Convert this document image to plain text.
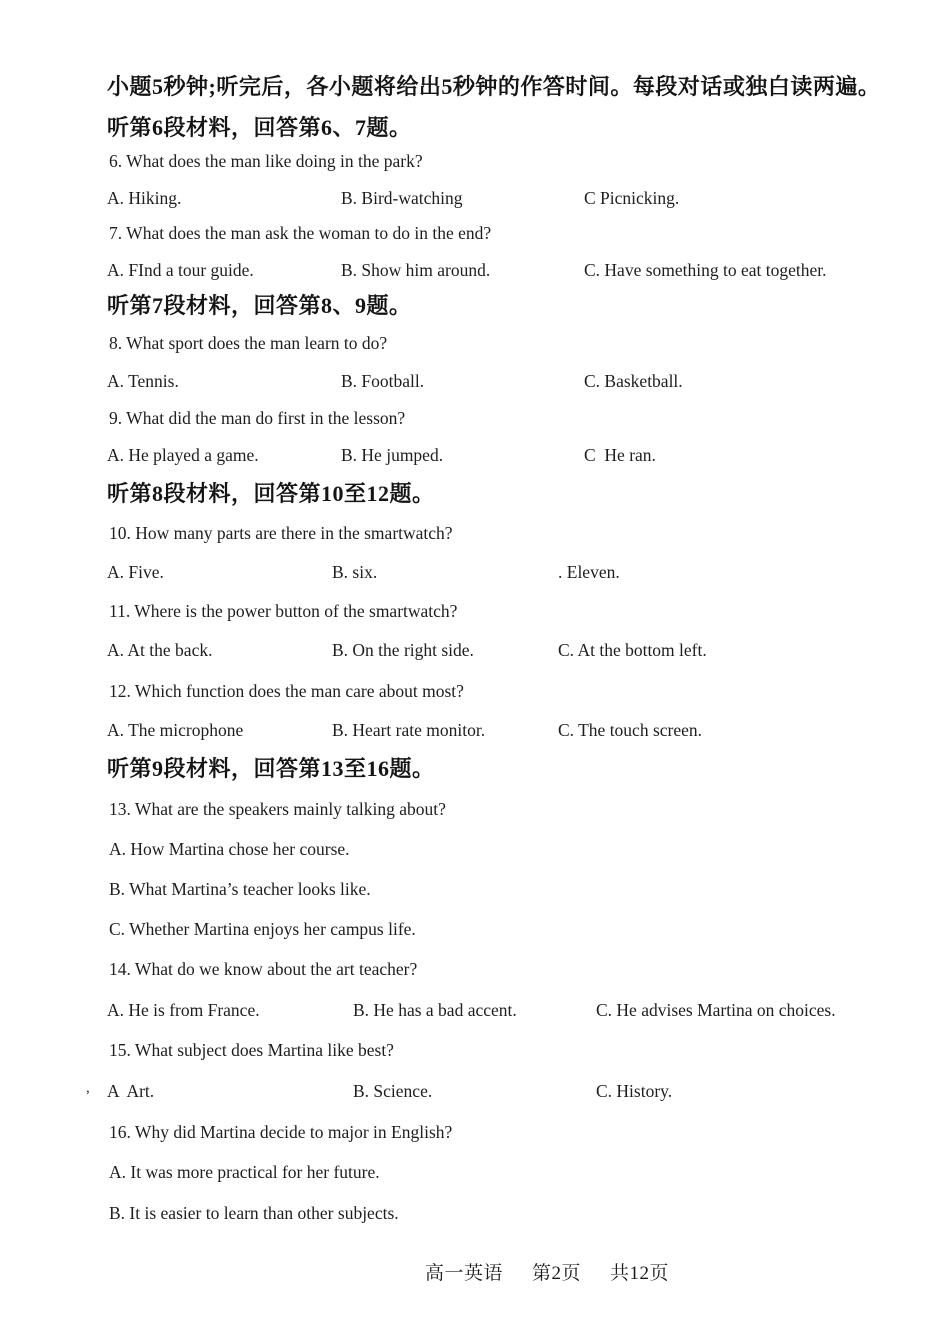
小题5秒钟;听完后，各小题将给出5秒钟的作答时间。每段对话或独白读两遍。
听第6段材料，回答第6、7题。
6. What does the man like doing in the park?
A. Hiking.	B. Bird-watching	C Picnicking.
7. What does the man ask the woman to do in the end?
A. FInd a tour guide.	B. Show him around.	C. Have something to eat together.
听第7段材料，回答第8、9题。
8. What sport does the man learn to do?
A. Tennis.	B. Football.	C. Basketball.
9. What did the man do first in the lesson?
A. He played a game.	B. He jumped.	C  He ran.
听第8段材料，回答第10至12题。
10. How many parts are there in the smartwatch?
A. Five.	B. six.	. Eleven.
11. Where is the power button of the smartwatch?
A. At the back.	B. On the right side.	C. At the bottom left.
12. Which function does the man care about most?
A. The microphone	B. Heart rate monitor.	C. The touch screen.
听第9段材料，回答第13至16题。
13. What are the speakers mainly talking about?
A. How Martina chose her course.
B. What Martina’s teacher looks like.
C. Whether Martina enjoys her campus life.
14. What do we know about the art teacher?
A. He is from France.	B. He has a bad accent.	C. He advises Martina on choices.
15. What subject does Martina like best?
A  Art.	B. Science.	C. History.
16. Why did Martina decide to major in English?
A. It was more practical for her future.
B. It is easier to learn than other subjects.
,

高一英语 第2页 共12页
